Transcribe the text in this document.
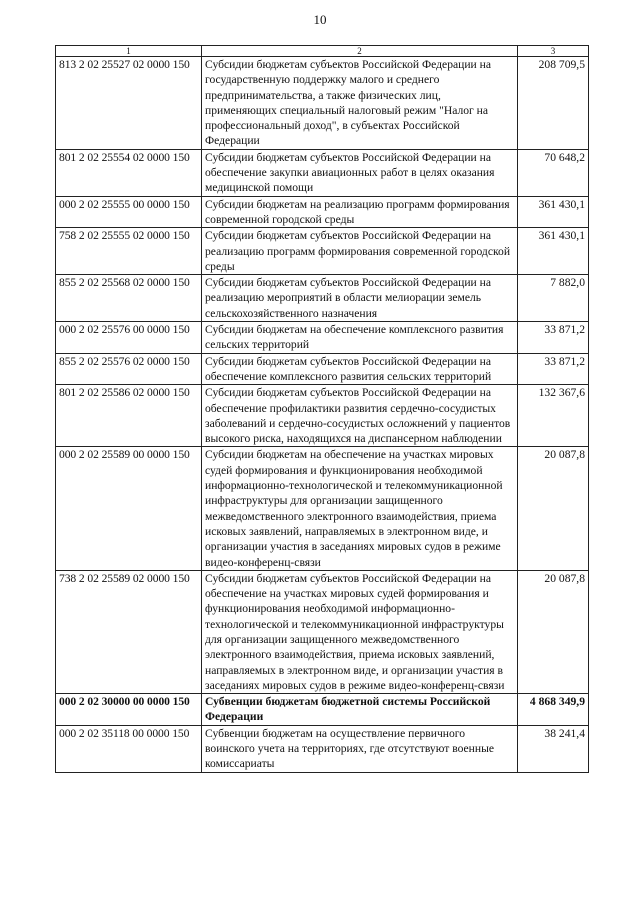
10
1	2	3
813 2 02 25527 02 0000 150	Субсидии бюджетам субъектов Российской Федерации на государственную поддержку малого и среднего предпринимательства, а также физических лиц, применяющих специальный налоговый режим "Налог на профессиональный доход", в субъектах Российской Федерации	208 709,5
801 2 02 25554 02 0000 150	Субсидии бюджетам субъектов Российской Федерации на обеспечение закупки авиационных работ в целях оказания медицинской помощи	70 648,2
000 2 02 25555 00 0000 150	Субсидии бюджетам на реализацию программ формирования современной городской среды	361 430,1
758 2 02 25555 02 0000 150	Субсидии бюджетам субъектов Российской Федерации на реализацию программ формирования современной городской среды	361 430,1
855 2 02 25568 02 0000 150	Субсидии бюджетам субъектов Российской Федерации на реализацию мероприятий в области мелиорации земель сельскохозяйственного назначения	7 882,0
000 2 02 25576 00 0000 150	Субсидии бюджетам на обеспечение комплексного развития сельских территорий	33 871,2
855 2 02 25576 02 0000 150	Субсидии бюджетам субъектов Российской Федерации на обеспечение комплексного развития сельских территорий	33 871,2
801 2 02 25586 02 0000 150	Субсидии бюджетам субъектов Российской Федерации на обеспечение профилактики развития сердечно-сосудистых заболеваний и сердечно-сосудистых осложнений у пациентов высокого риска, находящихся на диспансерном наблюдении	132 367,6
000 2 02 25589 00 0000 150	Субсидии бюджетам на обеспечение на участках мировых судей формирования и функционирования необходимой информационно-технологической и телекоммуникационной инфраструктуры для организации защищенного межведомственного электронного взаимодействия, приема исковых заявлений, направляемых в электронном виде, и организации участия в заседаниях мировых судов в режиме видео-конференц-связи	20 087,8
738 2 02 25589 02 0000 150	Субсидии бюджетам субъектов Российской Федерации на обеспечение на участках мировых судей формирования и функционирования необходимой информационно-технологической и телекоммуникационной инфраструктуры для организации защищенного межведомственного электронного взаимодействия, приема исковых заявлений, направляемых в электронном виде, и организации участия в заседаниях мировых судов в режиме видео-конференц-связи	20 087,8
000 2 02 30000 00 0000 150	Субвенции бюджетам бюджетной системы Российской Федерации	4 868 349,9
000 2 02 35118 00 0000 150	Субвенции бюджетам на осуществление первичного воинского учета на территориях, где отсутствуют военные комиссариаты	38 241,4
